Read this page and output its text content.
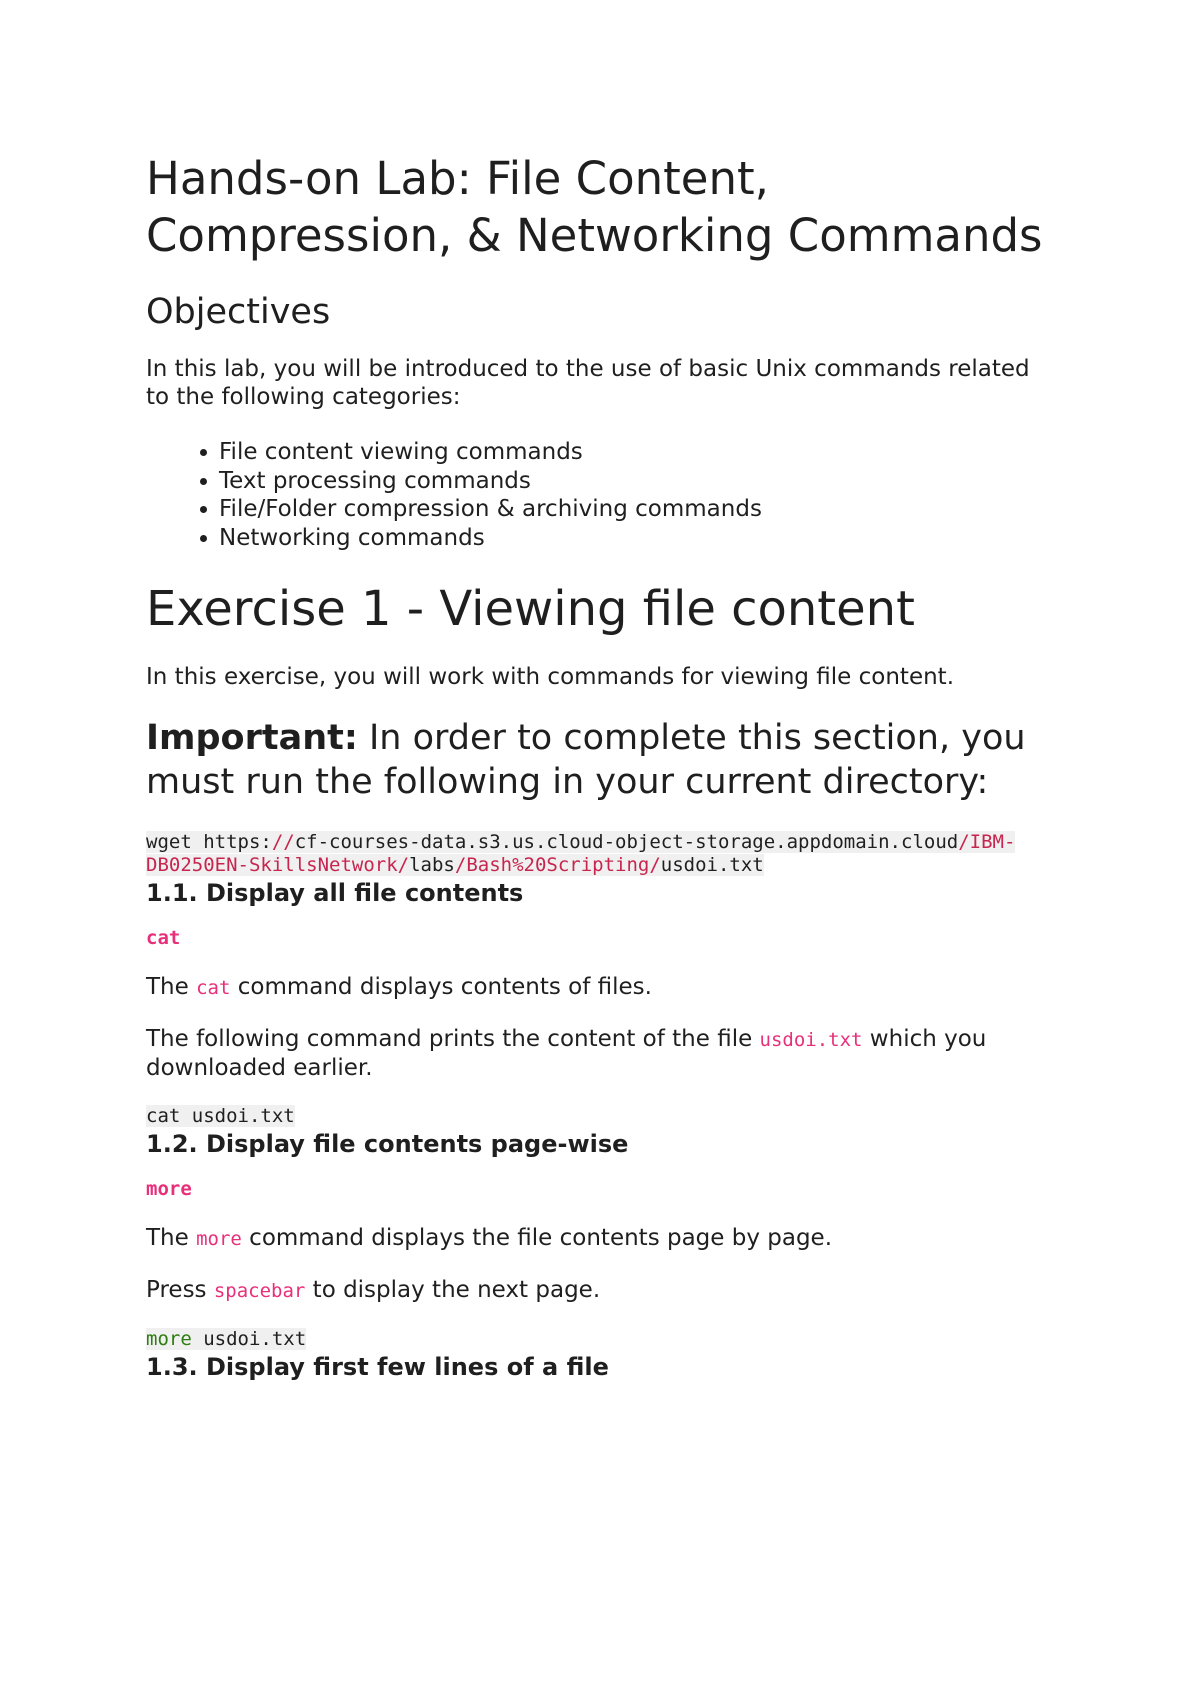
Hands-on Lab: File Content, Compression, & Networking Commands
Objectives

In this lab, you will be introduced to the use of basic Unix commands related to the following categories:

File content viewing commands
Text processing commands
File/Folder compression & archiving commands
Networking commands
Exercise 1 - Viewing file content

In this exercise, you will work with commands for viewing file content.

Important: In order to complete this section, you must run the following in your current directory:
wget https://cf-courses-data.s3.us.cloud-object-storage.appdomain.cloud/IBM-DB0250EN-SkillsNetwork/labs/Bash%20Scripting/usdoi.txt
1.1. Display all file contents
cat

The cat command displays contents of files.

The following command prints the content of the file usdoi.txt which you downloaded earlier.

cat usdoi.txt
1.2. Display file contents page-wise
more

The more command displays the file contents page by page.

Press spacebar to display the next page.

more usdoi.txt
1.3. Display first few lines of a file
